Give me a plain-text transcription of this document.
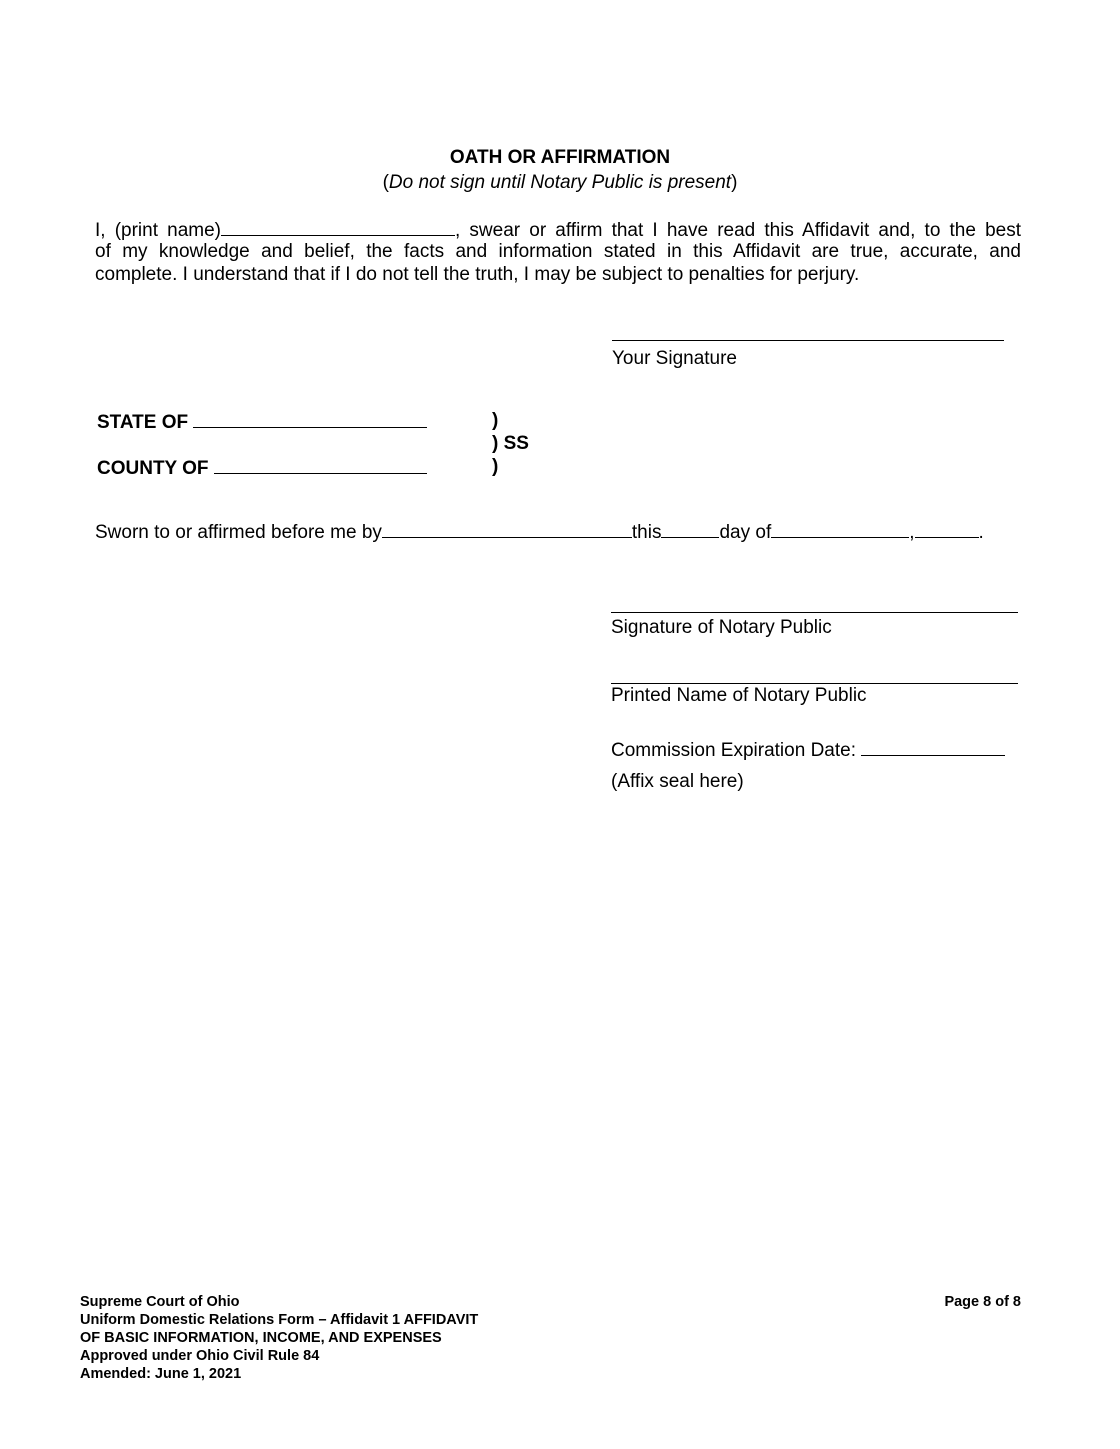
OATH OR AFFIRMATION
(Do not sign until Notary Public is present)
I, (print name)	, swear or affirm that I have read this Affidavit and, to the best
of my knowledge and belief, the facts and information stated in this Affidavit are true, accurate, and
complete. I understand that if I do not tell the truth, I may be subject to penalties for perjury.
Your Signature
STATE OF
COUNTY OF
)
) SS
)
Sworn to or affirmed before me by	this	day of	,	.
Signature of Notary Public
Printed Name of Notary Public
Commission Expiration Date:
(Affix seal here)
Supreme Court of Ohio
Uniform Domestic Relations Form – Affidavit 1 AFFIDAVIT
OF BASIC INFORMATION, INCOME, AND EXPENSES
Approved under Ohio Civil Rule 84
Amended: June 1, 2021
Page 8 of 8
